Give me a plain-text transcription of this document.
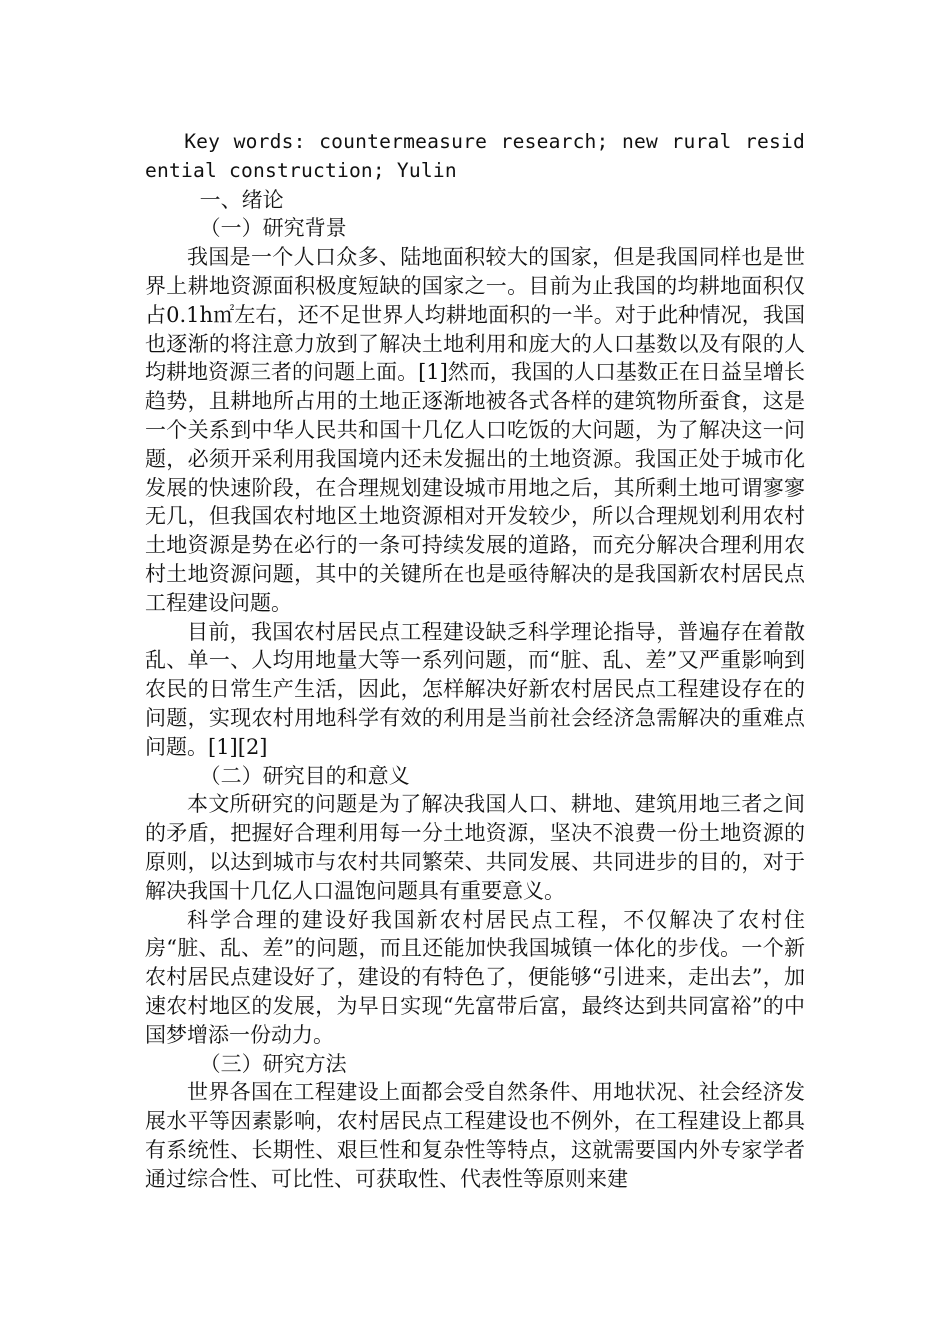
Key words: countermeasure research; new rural residential construction; Yulin

一、绪论

（一）研究背景

我国是一个人口众多、陆地面积较大的国家，但是我国同样也是世界上耕地资源面积极度短缺的国家之一。目前为止我国的均耕地面积仅占0.1h㎡左右，还不足世界人均耕地面积的一半。对于此种情况，我国也逐渐的将注意力放到了解决土地利用和庞大的人口基数以及有限的人均耕地资源三者的问题上面。[1]然而，我国的人口基数正在日益呈增长趋势，且耕地所占用的土地正逐渐地被各式各样的建筑物所蚕食，这是一个关系到中华人民共和国十几亿人口吃饭的大问题，为了解决这一问题，必须开采利用我国境内还未发掘出的土地资源。我国正处于城市化发展的快速阶段，在合理规划建设城市用地之后，其所剩土地可谓寥寥无几，但我国农村地区土地资源相对开发较少，所以合理规划利用农村土地资源是势在必行的一条可持续发展的道路，而充分解决合理利用农村土地资源问题，其中的关键所在也是亟待解决的是我国新农村居民点工程建设问题。

目前，我国农村居民点工程建设缺乏科学理论指导，普遍存在着散乱、单一、人均用地量大等一系列问题，而“脏、乱、差”又严重影响到农民的日常生产生活，因此，怎样解决好新农村居民点工程建设存在的问题，实现农村用地科学有效的利用是当前社会经济急需解决的重难点问题。[1][2]

（二）研究目的和意义

本文所研究的问题是为了解决我国人口、耕地、建筑用地三者之间的矛盾，把握好合理利用每一分土地资源，坚决不浪费一份土地资源的原则，以达到城市与农村共同繁荣、共同发展、共同进步的目的，对于解决我国十几亿人口温饱问题具有重要意义。

科学合理的建设好我国新农村居民点工程，不仅解决了农村住房“脏、乱、差”的问题，而且还能加快我国城镇一体化的步伐。一个新农村居民点建设好了，建设的有特色了，便能够“引进来，走出去”，加速农村地区的发展，为早日实现“先富带后富，最终达到共同富裕”的中国梦增添一份动力。

（三）研究方法

世界各国在工程建设上面都会受自然条件、用地状况、社会经济发展水平等因素影响，农村居民点工程建设也不例外，在工程建设上都具有系统性、长期性、艰巨性和复杂性等特点，这就需要国内外专家学者通过综合性、可比性、可获取性、代表性等原则来建
